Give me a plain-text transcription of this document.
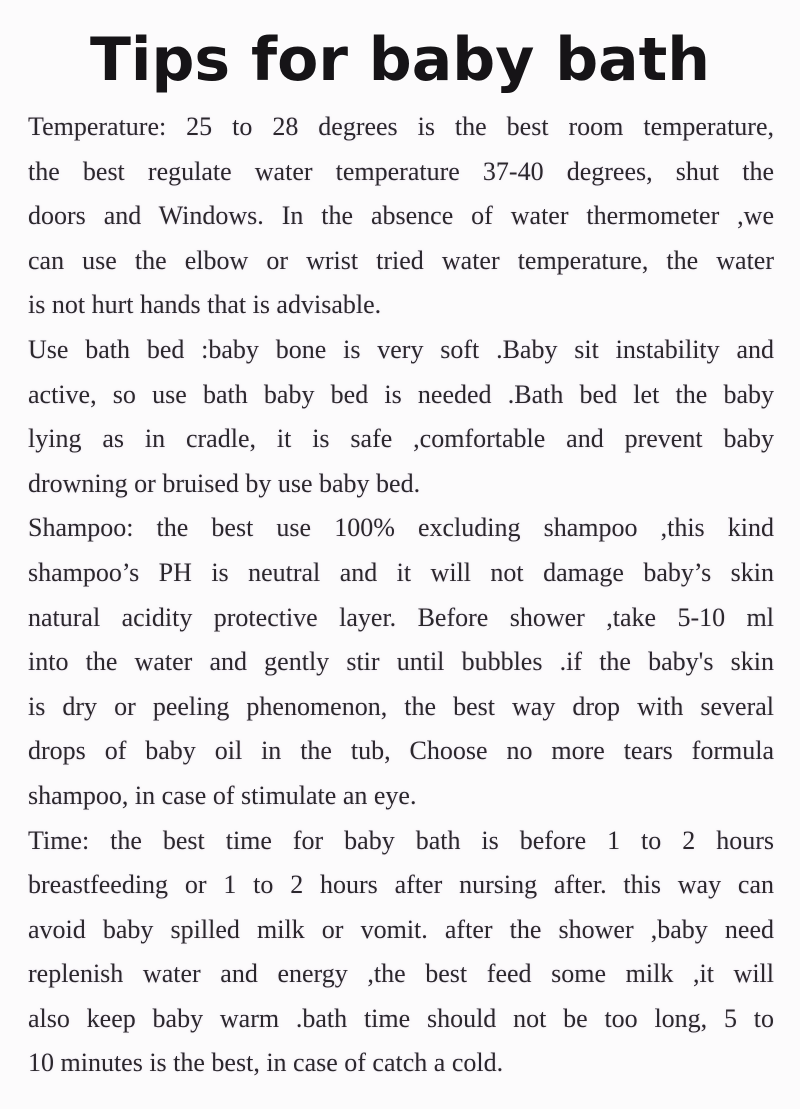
Tips for baby bath

Temperature: 25 to 28 degrees is the best room temperature,
the best regulate water temperature 37-40 degrees, shut the
doors and Windows. In the absence of water thermometer ,we
can use the elbow or wrist tried water temperature, the water
is not hurt hands that is advisable.

Use bath bed :baby bone is very soft .Baby sit instability and
active, so use bath baby bed is needed .Bath bed let the baby
lying as in cradle, it is safe ,comfortable and prevent baby
drowning or bruised by use baby bed.

Shampoo: the best use 100% excluding shampoo ,this kind
shampoo’s PH is neutral and it will not damage baby’s skin
natural acidity protective layer. Before shower ,take 5-10 ml
into the water and gently stir until bubbles .if the baby's skin
is dry or peeling phenomenon, the best way drop with several
drops of baby oil in the tub, Choose no more tears formula
shampoo, in case of stimulate an eye.

Time: the best time for baby bath is before 1 to 2 hours
breastfeeding or 1 to 2 hours after nursing after. this way can
avoid baby spilled milk or vomit. after the shower ,baby need
replenish water and energy ,the best feed some milk ,it will
also keep baby warm .bath time should not be too long, 5 to
10 minutes is the best, in case of catch a cold.
